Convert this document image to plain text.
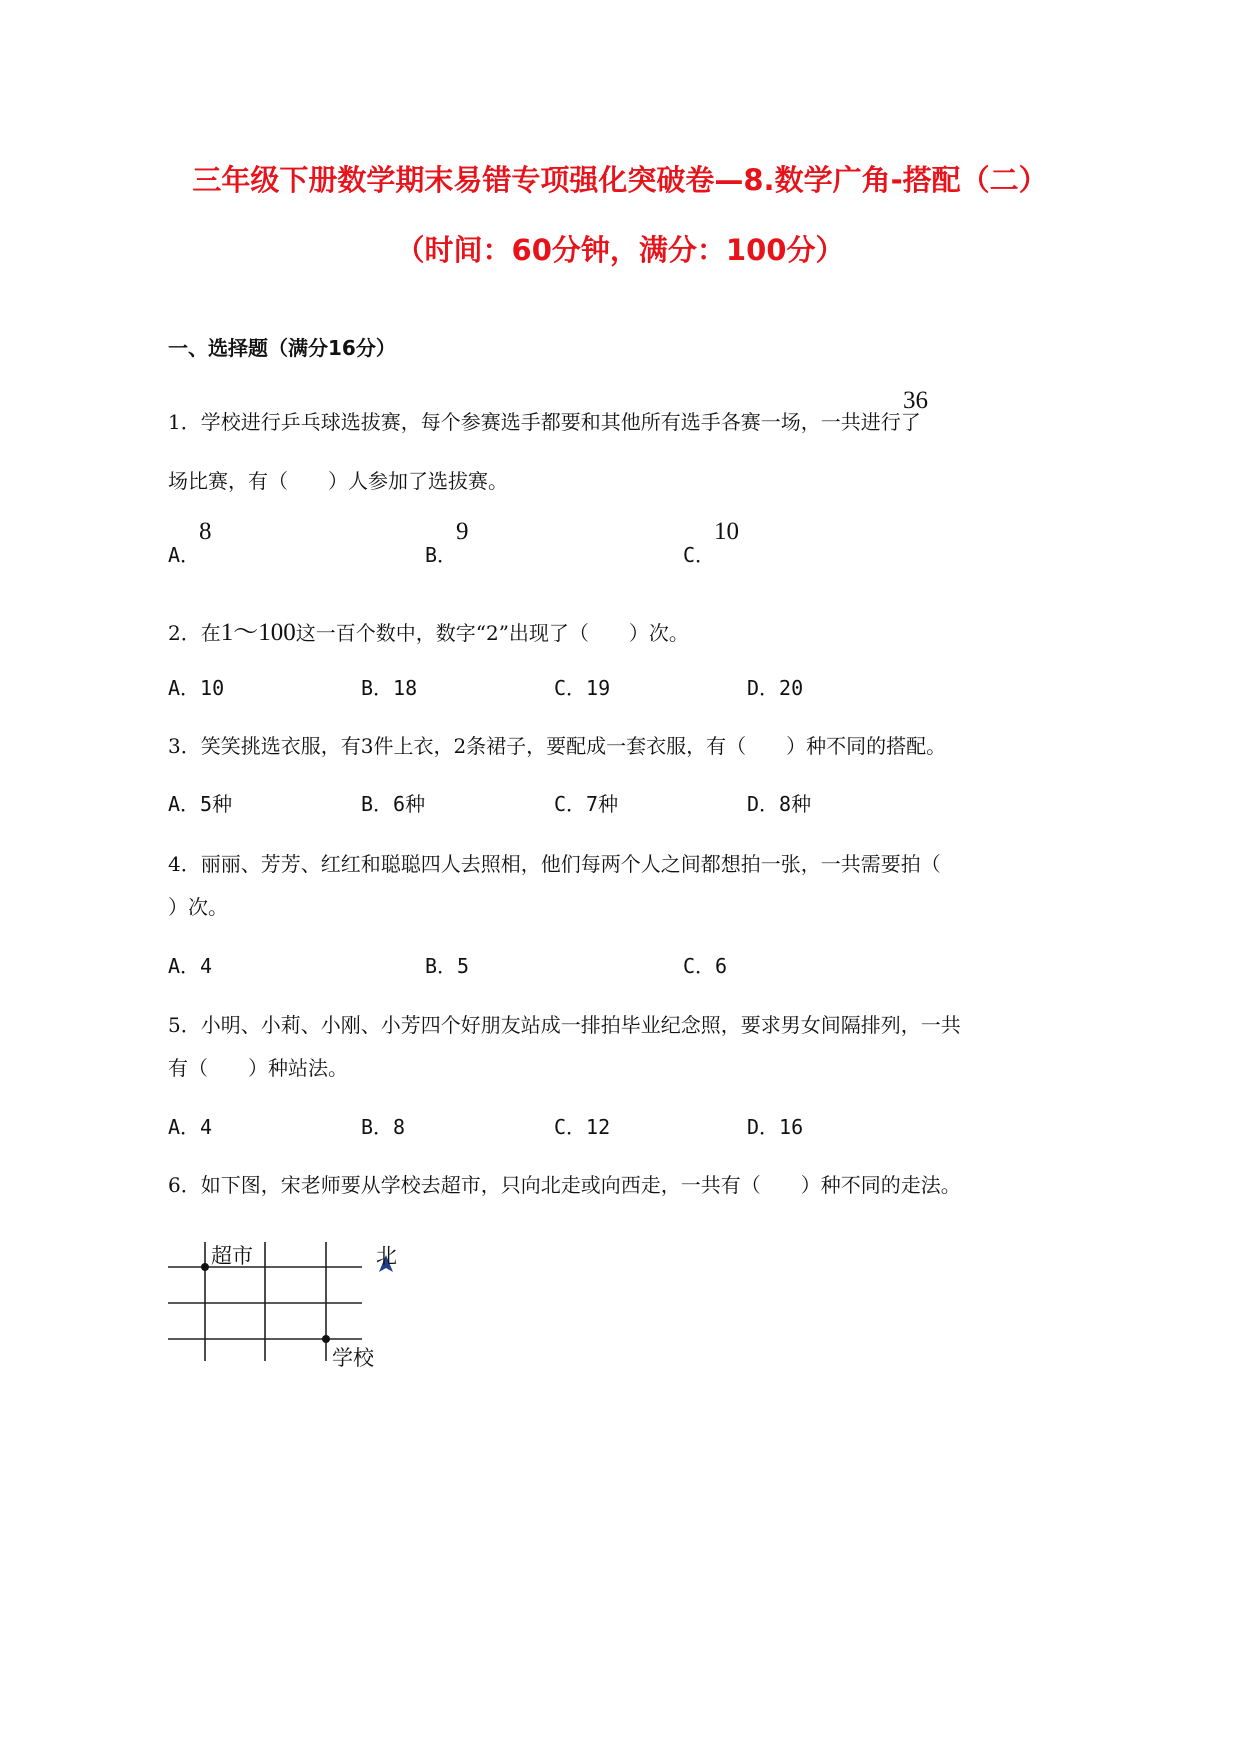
三年级下册数学期末易错专项强化突破卷—8.数学广角-搭配（二）
（时间：60分钟，满分：100分）
一、选择题（满分16分）
36
1．学校进行乒乓球选拔赛，每个参赛选手都要和其他所有选手各赛一场，一共进行了
场比赛，有（　　）人参加了选拔赛。
A．
8
B．
9
C．
10
2．在1～100这一百个数中，数字“2”出现了（　　）次。
A．10	B．18	C．19	D．20
3．笑笑挑选衣服，有3件上衣，2条裙子，要配成一套衣服，有（　　）种不同的搭配。
A．5种	B．6种	C．7种	D．8种
4．丽丽、芳芳、红红和聪聪四人去照相，他们每两个人之间都想拍一张，一共需要拍（
）次。
A．4	B．5	C．6
5．小明、小莉、小刚、小芳四个好朋友站成一排拍毕业纪念照，要求男女间隔排列，一共
有（　　）种站法。
A．4	B．8	C．12	D．16
6．如下图，宋老师要从学校去超市，只向北走或向西走，一共有（　　）种不同的走法。
超市
学校
北
